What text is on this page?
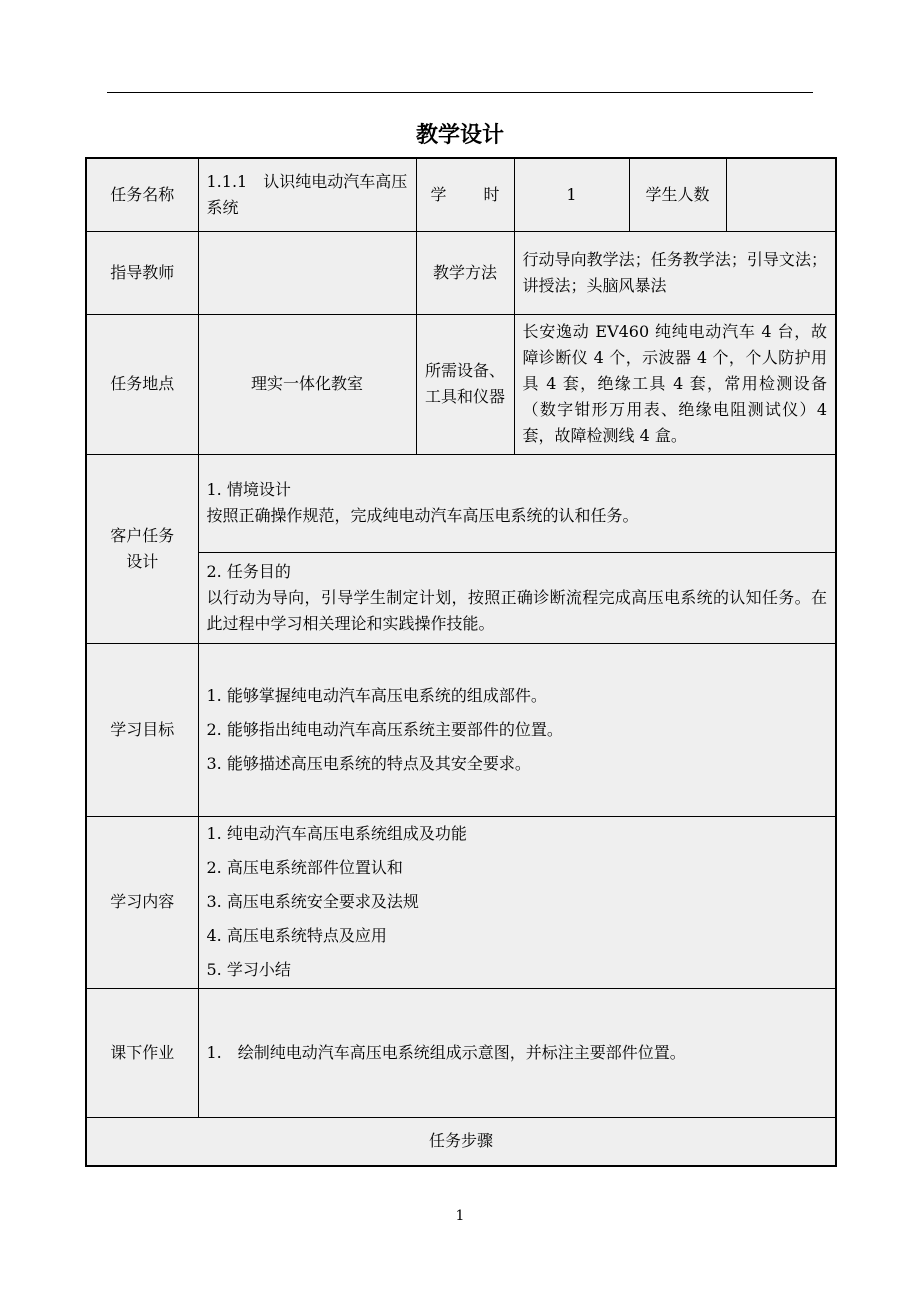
教学设计
任务名称	1.1.1　认识纯电动汽车高压系统	学 时	1	学生人数	
指导教师		教学方法	行动导向教学法；任务教学法；引导文法；讲授法；头脑风暴法		
任务地点	理实一体化教室	所需设备、工具和仪器	长安逸动 EV460 纯纯电动汽车 4 台，故障诊断仪 4 个，示波器 4 个，个人防护用具 4 套，绝缘工具 4 套，常用检测设备（数字钳形万用表、绝缘电阻测试仪）4 套，故障检测线 4 盒。		
客户任务设计	1. 情境设计
按照正确操作规范，完成纯电动汽车高压电系统的认和任务。				

	2. 任务目的
以行动为导向，引导学生制定计划，按照正确诊断流程完成高压电系统的认知任务。在此过程中学习相关理论和实践操作技能。				

学习目标	1. 能够掌握纯电动汽车高压电系统的组成部件。
2. 能够指出纯电动汽车高压系统主要部件的位置。
3. 能够描述高压电系统的特点及其安全要求。				

学习内容	1. 纯电动汽车高压电系统组成及功能
2. 高压电系统部件位置认和
3. 高压电系统安全要求及法规
4. 高压电系统特点及应用
5. 学习小结				

课下作业	1.　绘制纯电动汽车高压电系统组成示意图，并标注主要部件位置。				
任务步骤					
1
